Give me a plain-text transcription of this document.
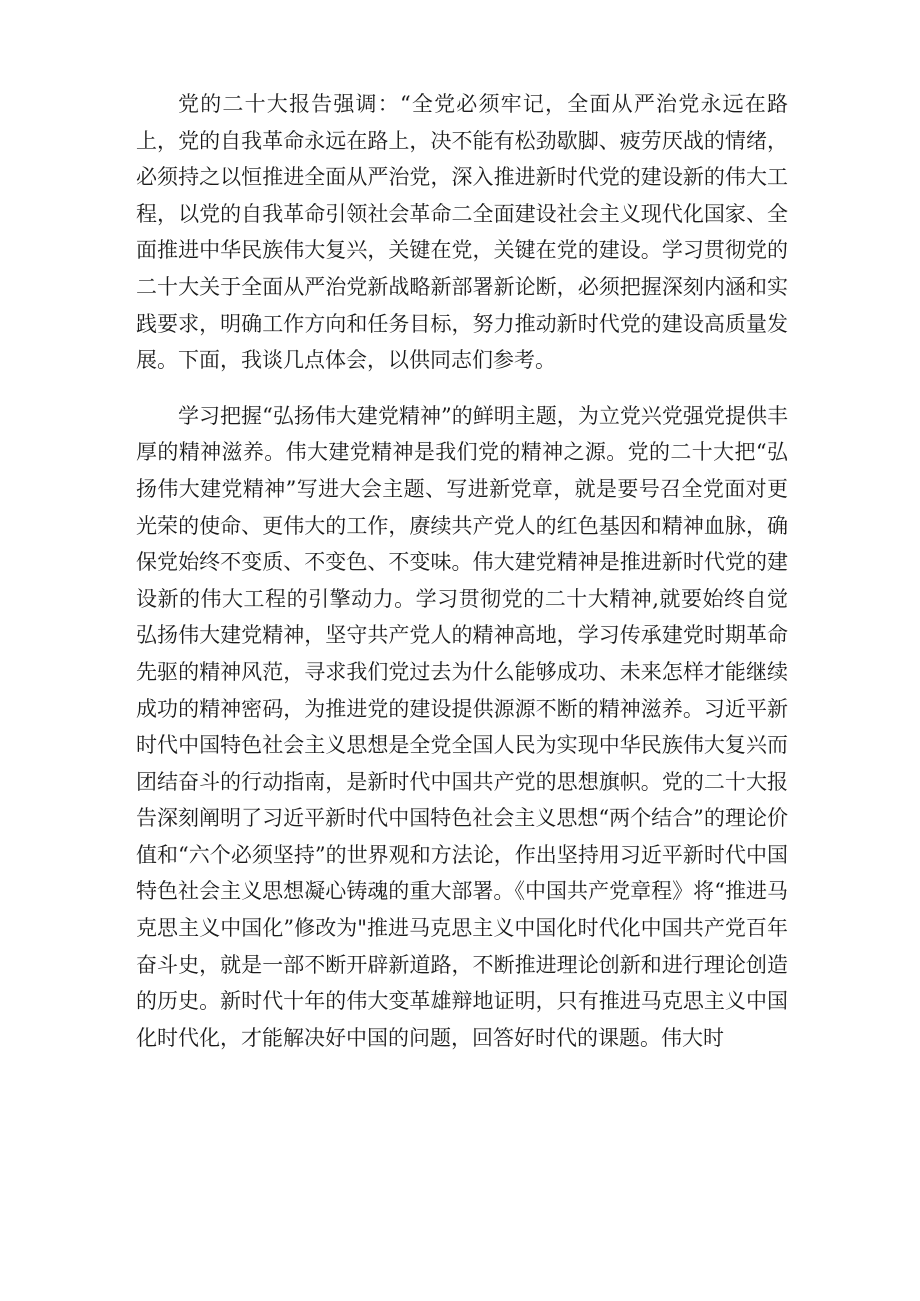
党的二十大报告强调：“全党必须牢记，全面从严治党永远在路上，党的自我革命永远在路上，决不能有松劲歇脚、疲劳厌战的情绪，必须持之以恒推进全面从严治党，深入推进新时代党的建设新的伟大工程，以党的自我革命引领社会革命二全面建设社会主义现代化国家、全面推进中华民族伟大复兴，关键在党，关键在党的建设。学习贯彻党的二十大关于全面从严治党新战略新部署新论断，必须把握深刻内涵和实践要求，明确工作方向和任务目标，努力推动新时代党的建设高质量发展。下面，我谈几点体会，以供同志们参考。

学习把握“弘扬伟大建党精神”的鲜明主题，为立党兴党强党提供丰厚的精神滋养。伟大建党精神是我们党的精神之源。党的二十大把“弘扬伟大建党精神”写进大会主题、写进新党章，就是要号召全党面对更光荣的使命、更伟大的工作，赓续共产党人的红色基因和精神血脉，确保党始终不变质、不变色、不变味。伟大建党精神是推进新时代党的建设新的伟大工程的引擎动力。学习贯彻党的二十大精神,就要始终自觉弘扬伟大建党精神，坚守共产党人的精神高地，学习传承建党时期革命先驱的精神风范，寻求我们党过去为什么能够成功、未来怎样才能继续成功的精神密码，为推进党的建设提供源源不断的精神滋养。习近平新时代中国特色社会主义思想是全党全国人民为实现中华民族伟大复兴而团结奋斗的行动指南，是新时代中国共产党的思想旗帜。党的二十大报告深刻阐明了习近平新时代中国特色社会主义思想“两个结合”的理论价值和“六个必须坚持”的世界观和方法论，作出坚持用习近平新时代中国特色社会主义思想凝心铸魂的重大部署。《中国共产党章程》将“推进马克思主义中国化”修改为"推进马克思主义中国化时代化中国共产党百年奋斗史，就是一部不断开辟新道路，不断推进理论创新和进行理论创造的历史。新时代十年的伟大变革雄辩地证明，只有推进马克思主义中国化时代化，才能解决好中国的问题，回答好时代的课题。伟大时
